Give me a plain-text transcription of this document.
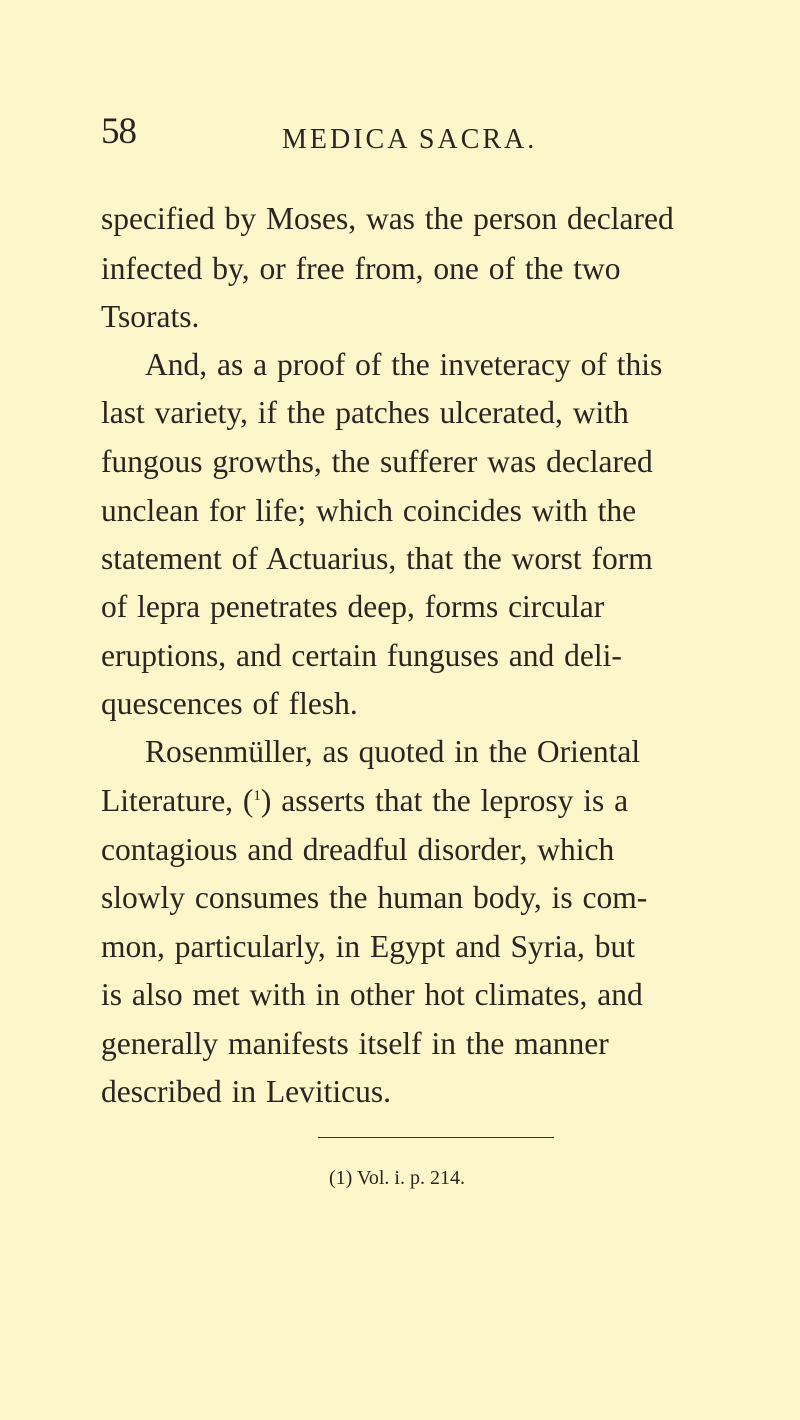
58	MEDICA SACRA.
specified by Moses, was the person declared
infected by, or free from, one of the two
Tsorats.
And, as a proof of the inveteracy of this
last variety, if the patches ulcerated, with
fungous growths, the sufferer was declared
unclean for life; which coincides with the
statement of Actuarius, that the worst form
of lepra penetrates deep, forms circular
eruptions, and certain funguses and deli-
quescences of flesh.
Rosenmüller, as quoted in the Oriental
Literature, ($^1$) asserts that the leprosy is a
contagious and dreadful disorder, which
slowly consumes the human body, is com-
mon, particularly, in Egypt and Syria, but
is also met with in other hot climates, and
generally manifests itself in the manner
described in Leviticus.
(1) Vol. i. p. 214.
